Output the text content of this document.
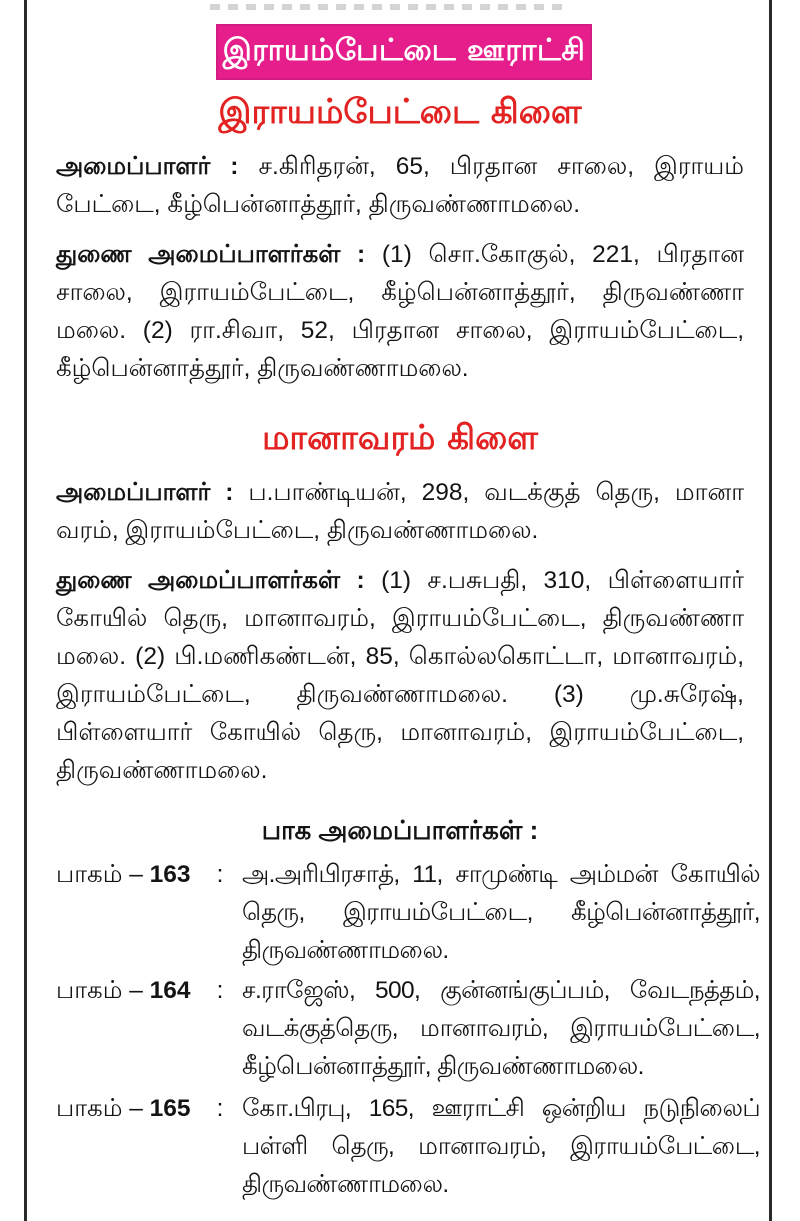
இராயம்பேட்டை ஊராட்சி
இராயம்பேட்டை கிளை
அமைப்பாளர் : ச.கிரிதரன், 65, பிரதான சாலை, இராயம் பேட்டை, கீழ்பென்னாத்தூர், திருவண்ணாமலை.
துணை அமைப்பாளர்கள் : (1) சொ.கோகுல், 221, பிரதான சாலை, இராயம்பேட்டை, கீழ்பென்னாத்தூர், திருவண்ணா மலை. (2) ரா.சிவா, 52, பிரதான சாலை, இராயம்பேட்டை, கீழ்பென்னாத்தூர், திருவண்ணாமலை.
மானாவரம் கிளை
அமைப்பாளர் : ப.பாண்டியன், 298, வடக்குத் தெரு, மானா வரம், இராயம்பேட்டை, திருவண்ணாமலை.
துணை அமைப்பாளர்கள் : (1) ச.பசுபதி, 310, பிள்ளையார் கோயில் தெரு, மானாவரம், இராயம்பேட்டை, திருவண்ணா மலை. (2) பி.மணிகண்டன், 85, கொல்லகொட்டா, மானாவரம், இராயம்பேட்டை, திருவண்ணாமலை. (3) மு.சுரேஷ், பிள்ளையார் கோயில் தெரு, மானாவரம், இராயம்பேட்டை, திருவண்ணாமலை.
பாக அமைப்பாளர்கள் :
பாகம் – 163	: அ.அரிபிரசாத், 11, சாமுண்டி அம்மன் கோயில் தெரு, இராயம்பேட்டை, கீழ்பென்னாத்தூர், திருவண்ணாமலை.
பாகம் – 164	: ச.ராஜேஸ், 500, குன்னங்குப்பம், வேடநத்தம், வடக்குத்தெரு, மானாவரம், இராயம்பேட்டை, கீழ்பென்னாத்தூர், திருவண்ணாமலை.
பாகம் – 165	: கோ.பிரபு, 165, ஊராட்சி ஒன்றிய நடுநிலைப் பள்ளி தெரு, மானாவரம், இராயம்பேட்டை, திருவண்ணாமலை.
